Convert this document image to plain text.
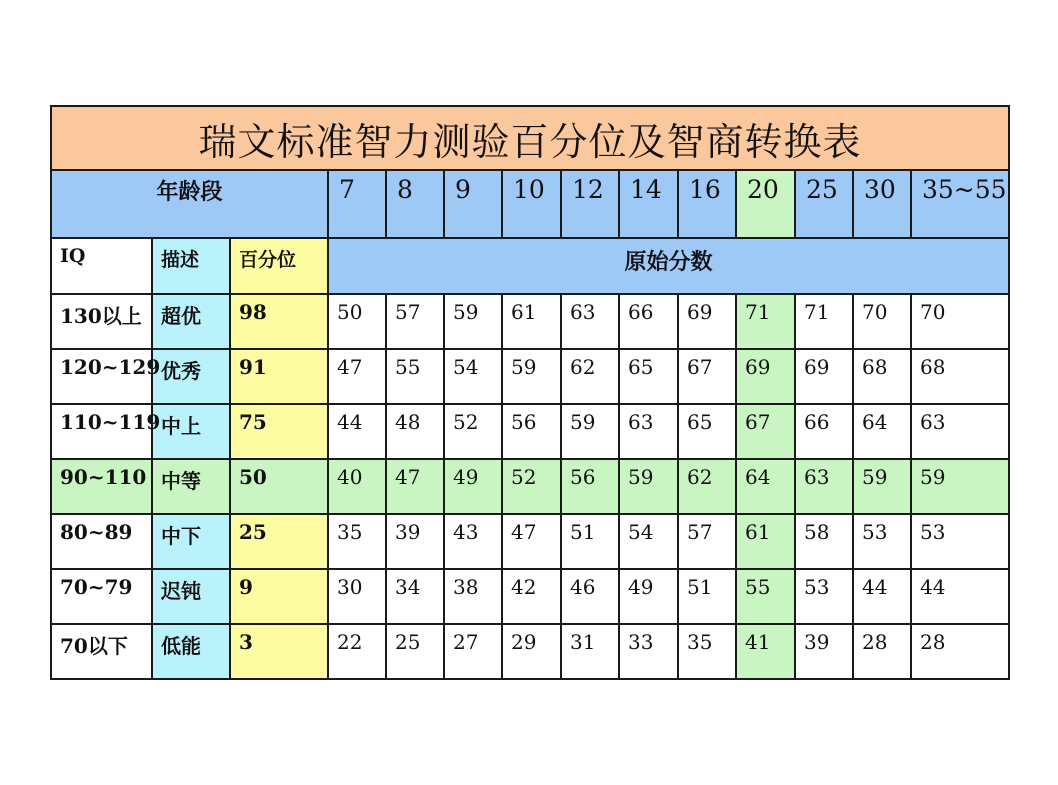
瑞文标准智力测验百分位及智商转换表													
年龄段			7	8	9	10	12	14	16	20	25	30	35~55
IQ	描述	百分位	原始分数										
130以上	超优	98	50	57	59	61	63	66	69	71	71	70	70
120~129	优秀	91	47	55	54	59	62	65	67	69	69	68	68
110~119	中上	75	44	48	52	56	59	63	65	67	66	64	63
90~110	中等	50	40	47	49	52	56	59	62	64	63	59	59
80~89	中下	25	35	39	43	47	51	54	57	61	58	53	53
70~79	迟钝	9	30	34	38	42	46	49	51	55	53	44	44
70以下	低能	3	22	25	27	29	31	33	35	41	39	28	28
